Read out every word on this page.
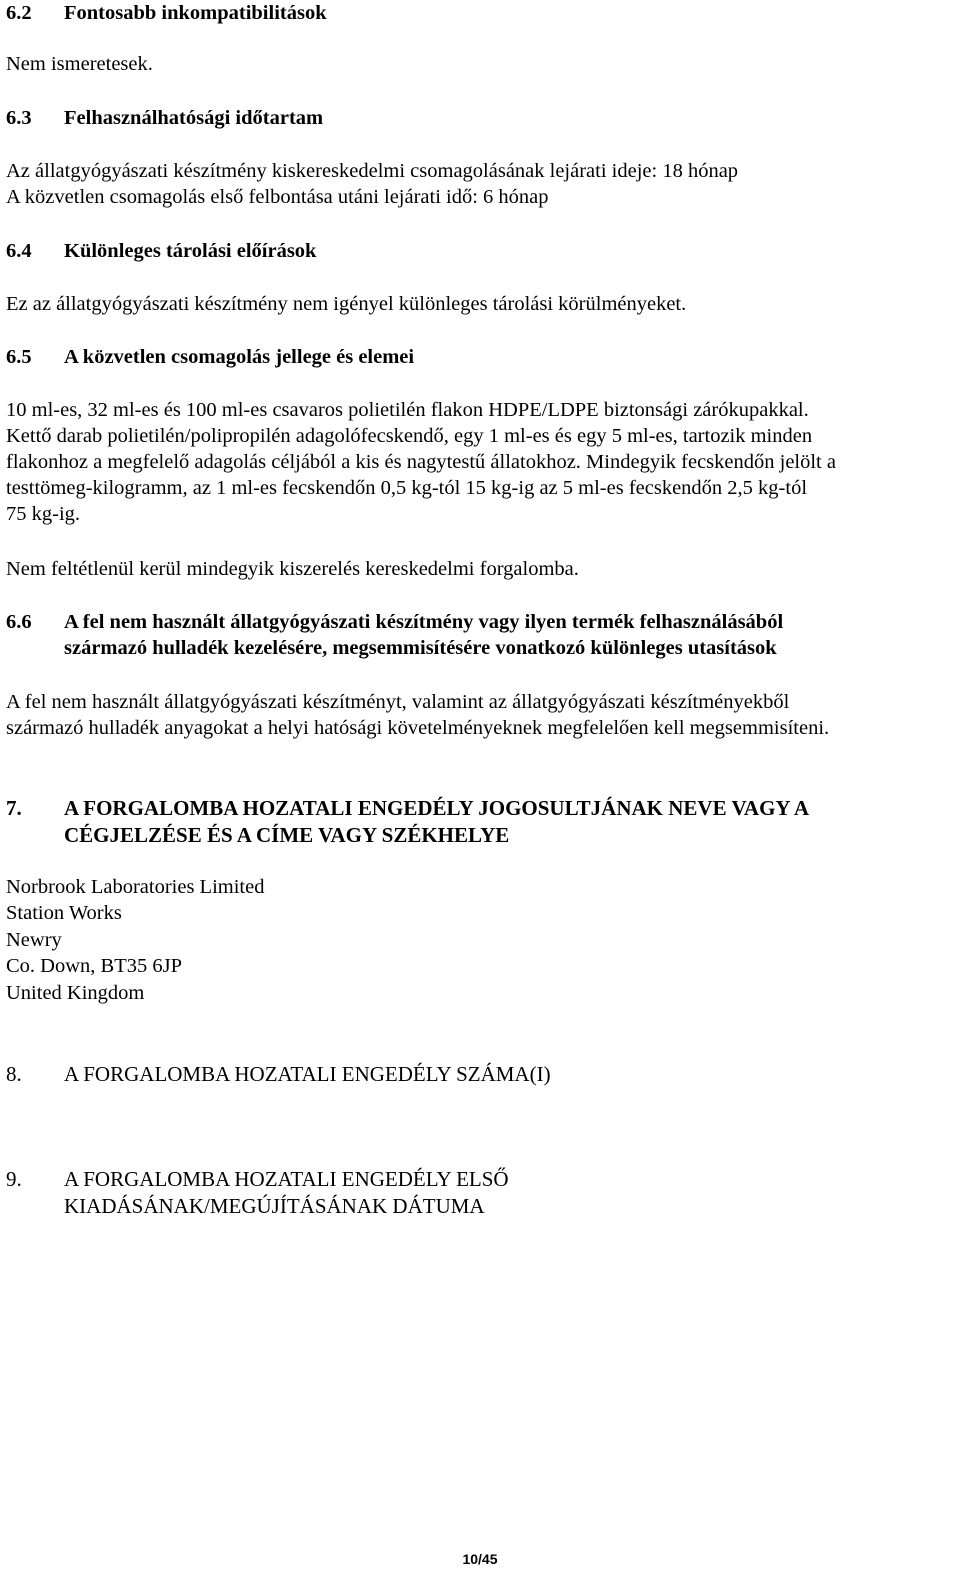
6.2 Fontosabb inkompatibilitások
Nem ismeretesek.
6.3 Felhasználhatósági időtartam
Az állatgyógyászati készítmény kiskereskedelmi csomagolásának lejárati ideje: 18 hónap
A közvetlen csomagolás első felbontása utáni lejárati idő: 6 hónap
6.4 Különleges tárolási előírások
Ez az állatgyógyászati készítmény nem igényel különleges tárolási körülményeket.
6.5 A közvetlen csomagolás jellege és elemei
10 ml-es, 32 ml-es és 100 ml-es csavaros polietilén flakon HDPE/LDPE biztonsági zárókupakkal.
Kettő darab polietilén/polipropilén adagolófecskendő, egy 1 ml-es és egy 5 ml-es, tartozik minden
flakonhoz a megfelelő adagolás céljából a kis és nagytestű állatokhoz. Mindegyik fecskendőn jelölt a
testtömeg-kilogramm, az 1 ml-es fecskendőn 0,5 kg-tól 15 kg-ig az 5 ml-es fecskendőn 2,5 kg-tól
75 kg-ig.
Nem feltétlenül kerül mindegyik kiszerelés kereskedelmi forgalomba.
6.6 A fel nem használt állatgyógyászati készítmény vagy ilyen termék felhasználásából
származó hulladék kezelésére, megsemmisítésére vonatkozó különleges utasítások
A fel nem használt állatgyógyászati készítményt, valamint az állatgyógyászati készítményekből
származó hulladék anyagokat a helyi hatósági követelményeknek megfelelően kell megsemmisíteni.
7. A FORGALOMBA HOZATALI ENGEDÉLY JOGOSULTJÁNAK NEVE VAGY A
CÉGJELZÉSE ÉS A CÍME VAGY SZÉKHELYE
Norbrook Laboratories Limited
Station Works
Newry
Co. Down, BT35 6JP
United Kingdom
8. A FORGALOMBA HOZATALI ENGEDÉLY SZÁMA(I)
9. A FORGALOMBA HOZATALI ENGEDÉLY ELSŐ
KIADÁSÁNAK/MEGÚJÍTÁSÁNAK DÁTUMA
10/45
